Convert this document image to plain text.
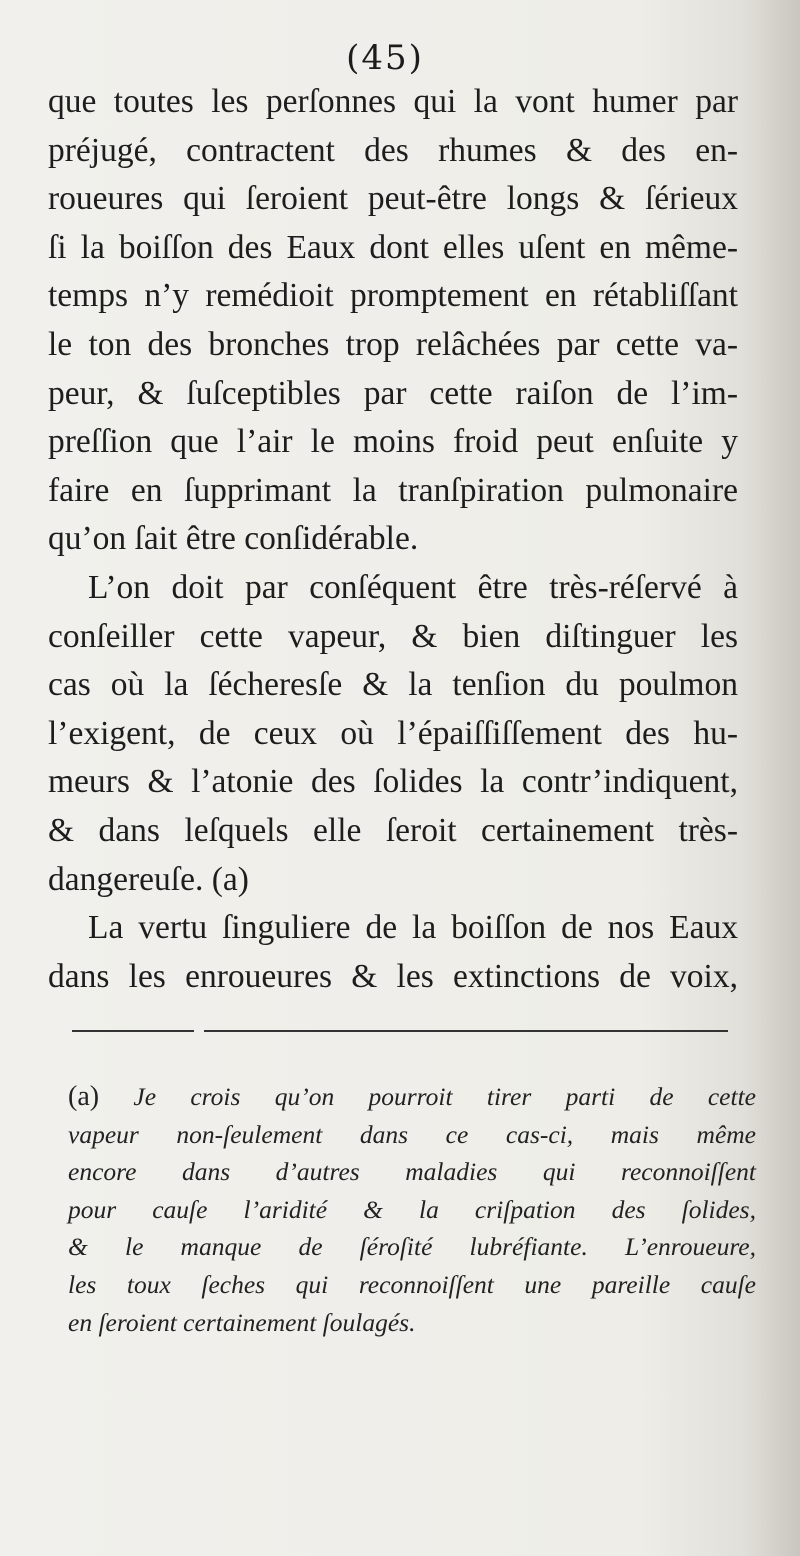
(45)
que toutes les perſonnes qui la vont humer par
préjugé, contractent des rhumes & des en-
roueures qui ſeroient peut-être longs & ſérieux
ſi la boiſſon des Eaux dont elles uſent en même-
temps n’y remédioit promptement en rétabliſſant
le ton des bronches trop relâchées par cette va-
peur, & ſuſceptibles par cette raiſon de l’im-
preſſion que l’air le moins froid peut enſuite y
faire en ſupprimant la tranſpiration pulmonaire
qu’on ſait être conſidérable.
L’on doit par conſéquent être très-réſervé à
conſeiller cette vapeur, & bien diſtinguer les
cas où la ſécheresſe & la tenſion du poulmon
l’exigent, de ceux où l’épaiſſiſſement des hu-
meurs & l’atonie des ſolides la contr’indiquent,
& dans leſquels elle ſeroit certainement très-
dangereuſe. (a)
La vertu ſinguliere de la boiſſon de nos Eaux
dans les enroueures & les extinctions de voix,
(a) Je crois qu’on pourroit tirer parti de cette
vapeur non-ſeulement dans ce cas-ci, mais même
encore dans d’autres maladies qui reconnoiſſent
pour cauſe l’aridité & la criſpation des ſolides,
& le manque de ſéroſité lubréfiante. L’enroueure,
les toux ſeches qui reconnoiſſent une pareille cauſe
en ſeroient certainement ſoulagés.
